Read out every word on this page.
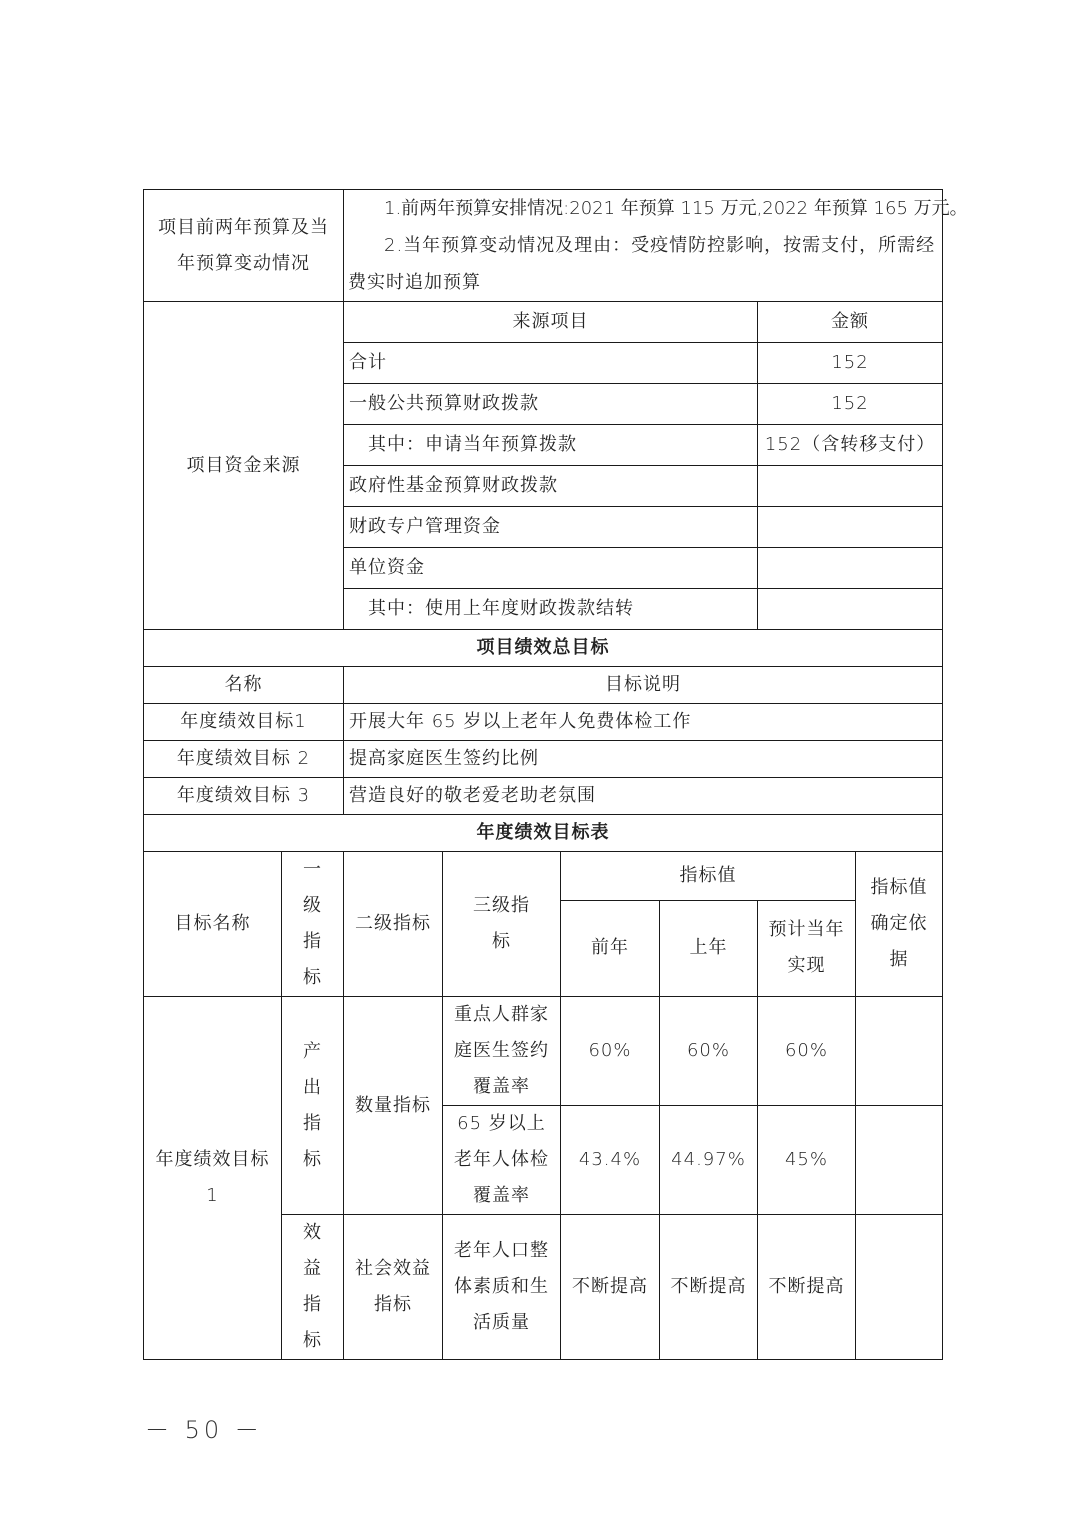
项目前两年预算及当年预算变动情况		1.前两年预算安排情况:2021 年预算 115 万元,2022 年预算 165 万元。

2.当年预算变动情况及理由：受疫情防控影响，按需支付，所需经费实时追加预算					

项目资金来源		来源项目				金额	
		合计				152	
		一般公共预算财政拨款				152	
		其中：申请当年预算拨款				152（含转移支付）	
		政府性基金预算财政拨款					
		财政专户管理资金					
		单位资金					
		其中：使用上年度财政拨款结转					
项目绩效总目标							
名称		目标说明					
年度绩效目标1		开展大年 65 岁以上老年人免费体检工作					
年度绩效目标 2		提高家庭医生签约比例					
年度绩效目标 3		营造良好的敬老爱老助老氛围					
年度绩效目标表							
目标名称	一级指标	二级指标	三级指标	指标值			指标值确定依据
				前年	上年	预计当年实现	
年度绩效目标 1	产出指标	数量指标	重点人群家庭医生签约覆盖率	60%	60%	60%	
			65 岁以上老年人体检覆盖率	43.4%	44.97%	45%	
	效益指标	社会效益指标	老年人口整体素质和生活质量	不断提高	不断提高	不断提高	
－ 50 －
